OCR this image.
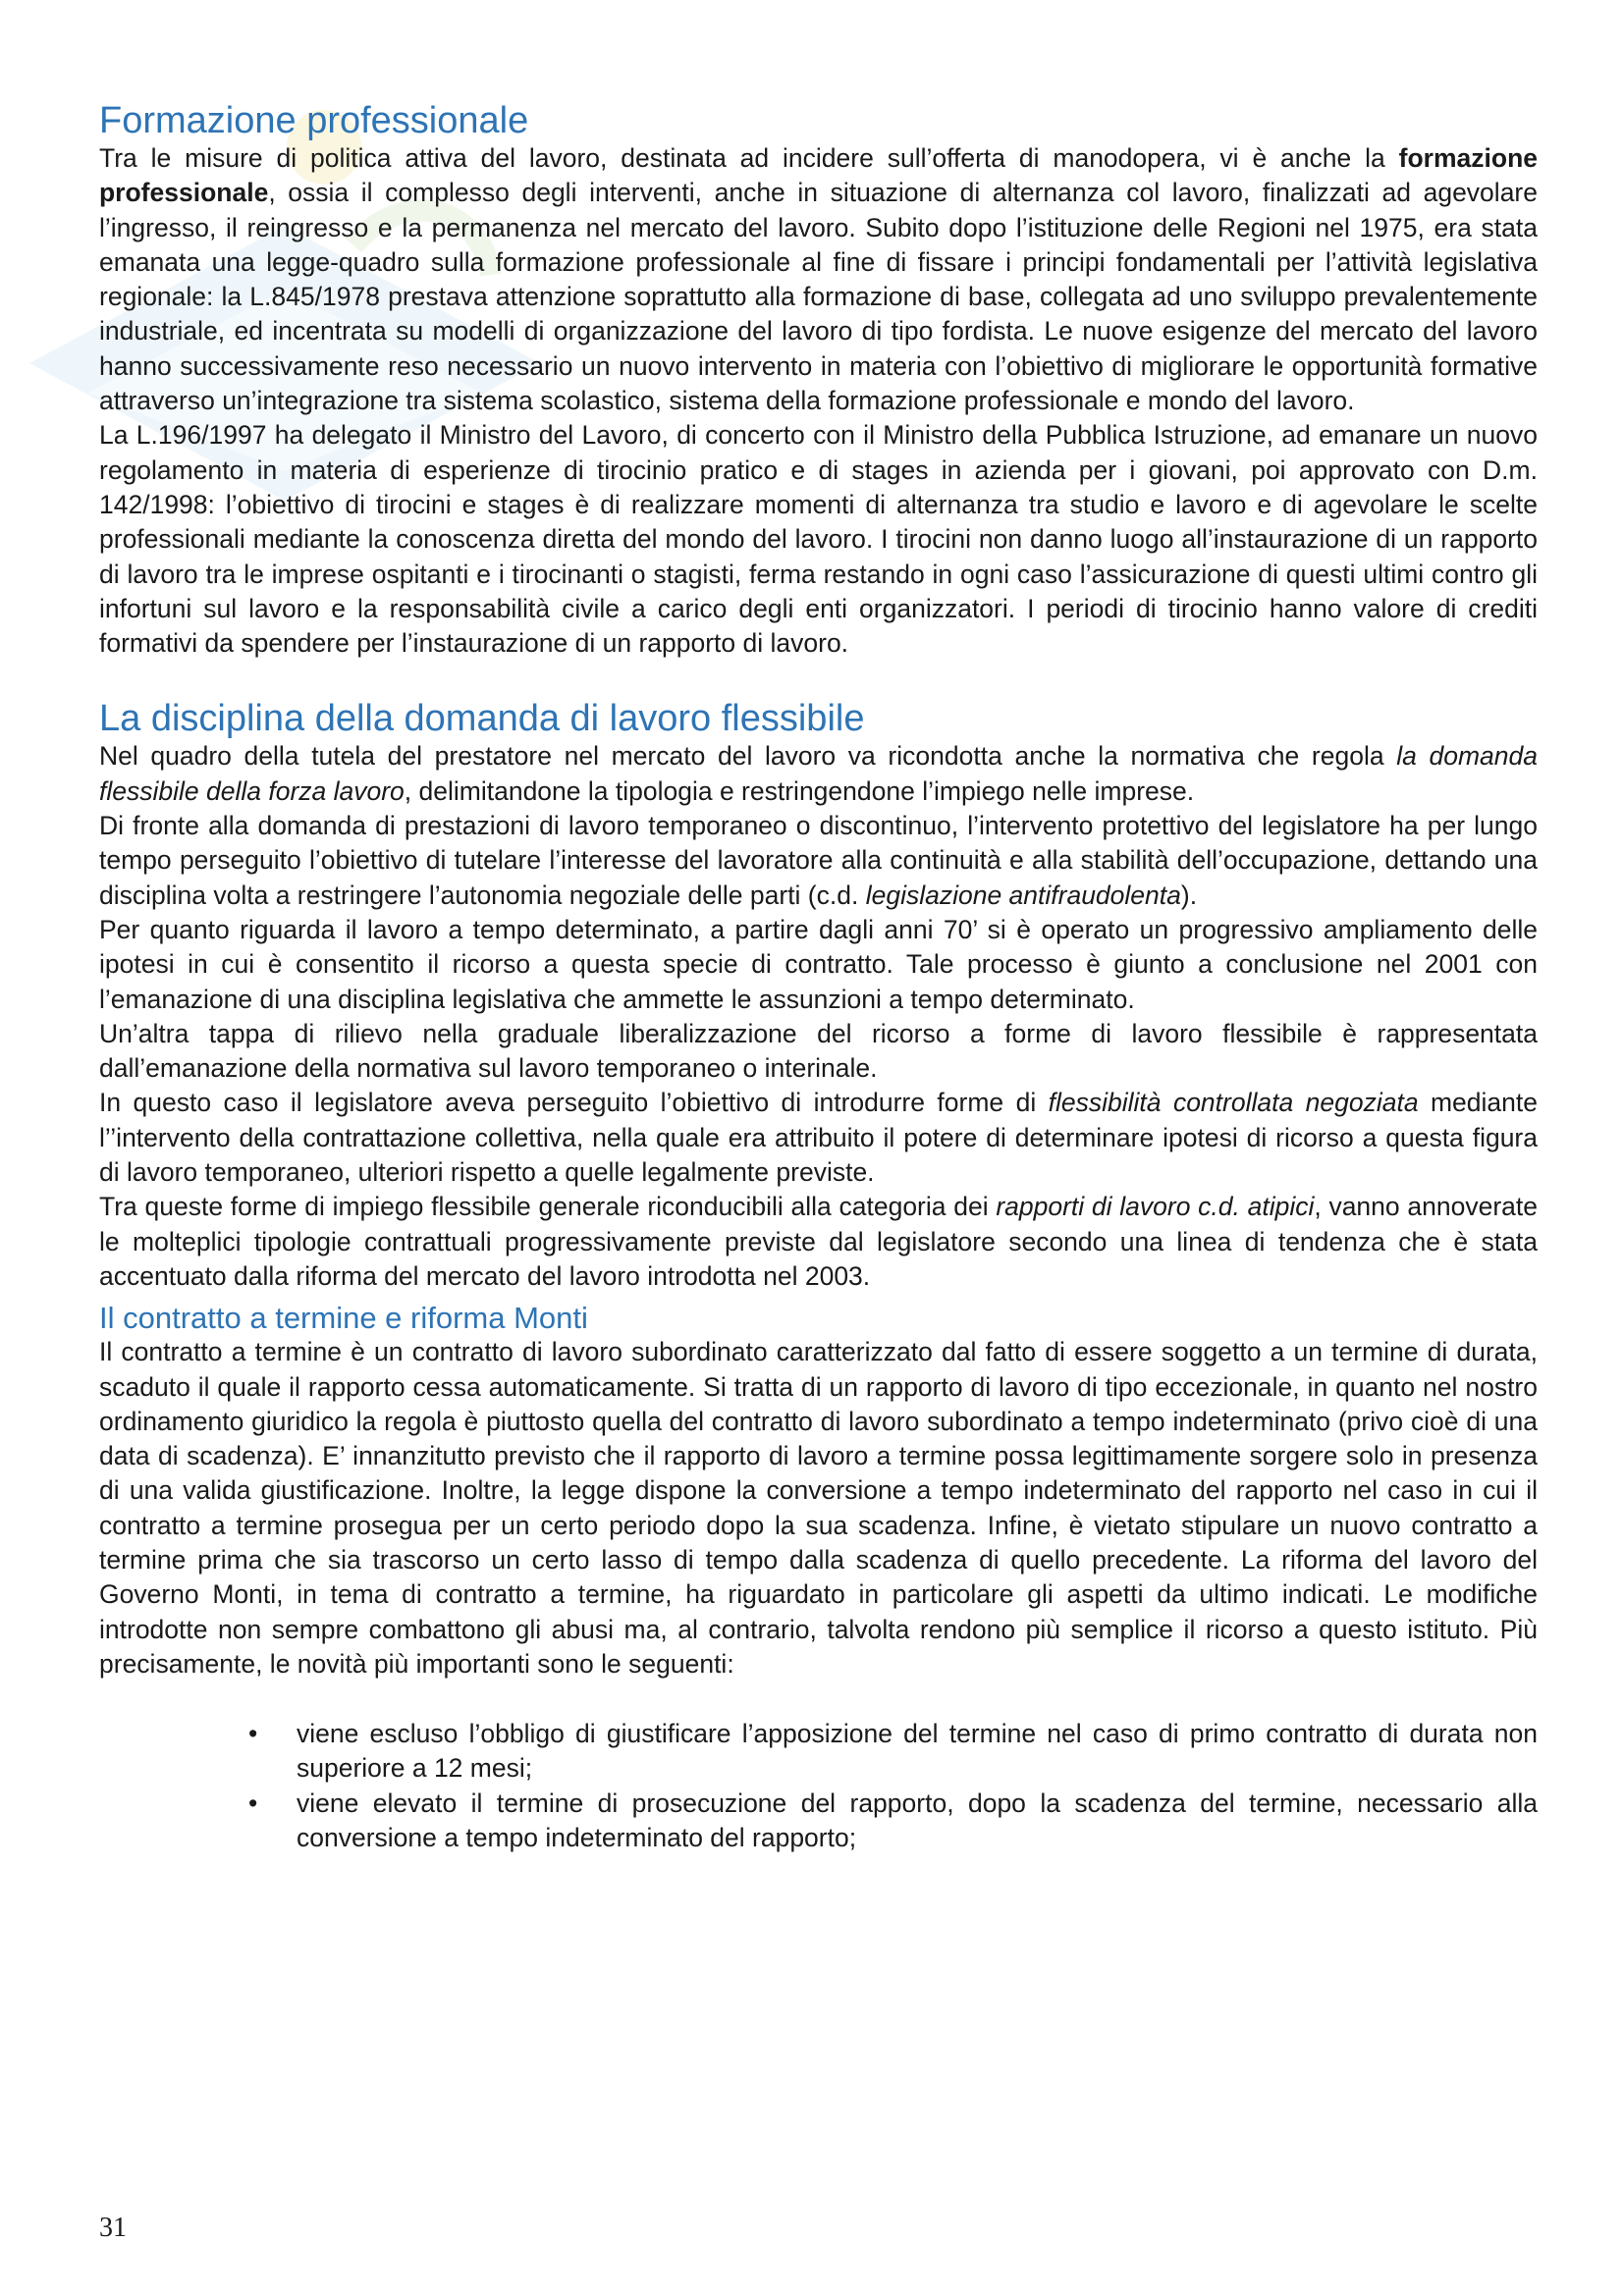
Formazione professionale

Tra le misure di politica attiva del lavoro, destinata ad incidere sull’offerta di manodopera, vi è anche la formazione professionale, ossia il complesso degli interventi, anche in situazione di alternanza col lavoro, finalizzati ad agevolare l’ingresso, il reingresso e la permanenza nel mercato del lavoro. Subito dopo l’istituzione delle Regioni nel 1975, era stata emanata una legge-quadro sulla formazione professionale al fine di fissare i principi fondamentali per l’attività legislativa regionale: la L.845/1978 prestava attenzione soprattutto alla formazione di base, collegata ad uno sviluppo prevalentemente industriale, ed incentrata su modelli di organizzazione del lavoro di tipo fordista. Le nuove esigenze del mercato del lavoro hanno successivamente reso necessario un nuovo intervento in materia con l’obiettivo di migliorare le opportunità formative attraverso un’integrazione tra sistema scolastico, sistema della formazione professionale e mondo del lavoro.

La L.196/1997 ha delegato il Ministro del Lavoro, di concerto con il Ministro della Pubblica Istruzione, ad emanare un nuovo regolamento in materia di esperienze di tirocinio pratico e di stages in azienda per i giovani, poi approvato con D.m. 142/1998: l’obiettivo di tirocini e stages è di realizzare momenti di alternanza tra studio e lavoro e di agevolare le scelte professionali mediante la conoscenza diretta del mondo del lavoro. I tirocini non danno luogo all’instaurazione di un rapporto di lavoro tra le imprese ospitanti e i tirocinanti o stagisti, ferma restando in ogni caso l’assicurazione di questi ultimi contro gli infortuni sul lavoro e la responsabilità civile a carico degli enti organizzatori. I periodi di tirocinio hanno valore di crediti formativi da spendere per l’instaurazione di un rapporto di lavoro.

La disciplina della domanda di lavoro flessibile

Nel quadro della tutela del prestatore nel mercato del lavoro va ricondotta anche la normativa che regola la domanda flessibile della forza lavoro, delimitandone la tipologia e restringendone l’impiego nelle imprese.

Di fronte alla domanda di prestazioni di lavoro temporaneo o discontinuo, l’intervento protettivo del legislatore ha per lungo tempo perseguito l’obiettivo di tutelare l’interesse del lavoratore alla continuità e alla stabilità dell’occupazione, dettando una disciplina volta a restringere l’autonomia negoziale delle parti (c.d. legislazione antifraudolenta).

Per quanto riguarda il lavoro a tempo determinato, a partire dagli anni 70’ si è operato un progressivo ampliamento delle ipotesi in cui è consentito il ricorso a questa specie di contratto. Tale processo è giunto a conclusione nel 2001 con l’emanazione di una disciplina legislativa che ammette le assunzioni a tempo determinato.

Un’altra tappa di rilievo nella graduale liberalizzazione del ricorso a forme di lavoro flessibile è rappresentata dall’emanazione della normativa sul lavoro temporaneo o interinale.

In questo caso il legislatore aveva perseguito l’obiettivo di introdurre forme di flessibilità controllata negoziata mediante l’’intervento della contrattazione collettiva, nella quale era attribuito il potere di determinare ipotesi di ricorso a questa figura di lavoro temporaneo, ulteriori rispetto a quelle legalmente previste.

Tra queste forme di impiego flessibile generale riconducibili alla categoria dei rapporti di lavoro c.d. atipici, vanno annoverate le molteplici tipologie contrattuali progressivamente previste dal legislatore secondo una linea di tendenza che è stata accentuato dalla riforma del mercato del lavoro introdotta nel 2003.

Il contratto a termine e riforma Monti

Il contratto a termine è un contratto di lavoro subordinato caratterizzato dal fatto di essere soggetto a un termine di durata, scaduto il quale il rapporto cessa automaticamente. Si tratta di un rapporto di lavoro di tipo eccezionale, in quanto nel nostro ordinamento giuridico la regola è piuttosto quella del contratto di lavoro subordinato a tempo indeterminato (privo cioè di una data di scadenza). E’ innanzitutto previsto che il rapporto di lavoro a termine possa legittimamente sorgere solo in presenza di una valida giustificazione. Inoltre, la legge dispone la conversione a tempo indeterminato del rapporto nel caso in cui il contratto a termine prosegua per un certo periodo dopo la sua scadenza. Infine, è vietato stipulare un nuovo contratto a termine prima che sia trascorso un certo lasso di tempo dalla scadenza di quello precedente. La riforma del lavoro del Governo Monti, in tema di contratto a termine, ha riguardato in particolare gli aspetti da ultimo indicati. Le modifiche introdotte non sempre combattono gli abusi ma, al contrario, talvolta rendono più semplice il ricorso a questo istituto. Più precisamente, le novità più importanti sono le seguenti:

• viene escluso l’obbligo di giustificare l’apposizione del termine nel caso di primo contratto di durata non superiore a 12 mesi;
• viene elevato il termine di prosecuzione del rapporto, dopo la scadenza del termine, necessario alla conversione a tempo indeterminato del rapporto;
31
